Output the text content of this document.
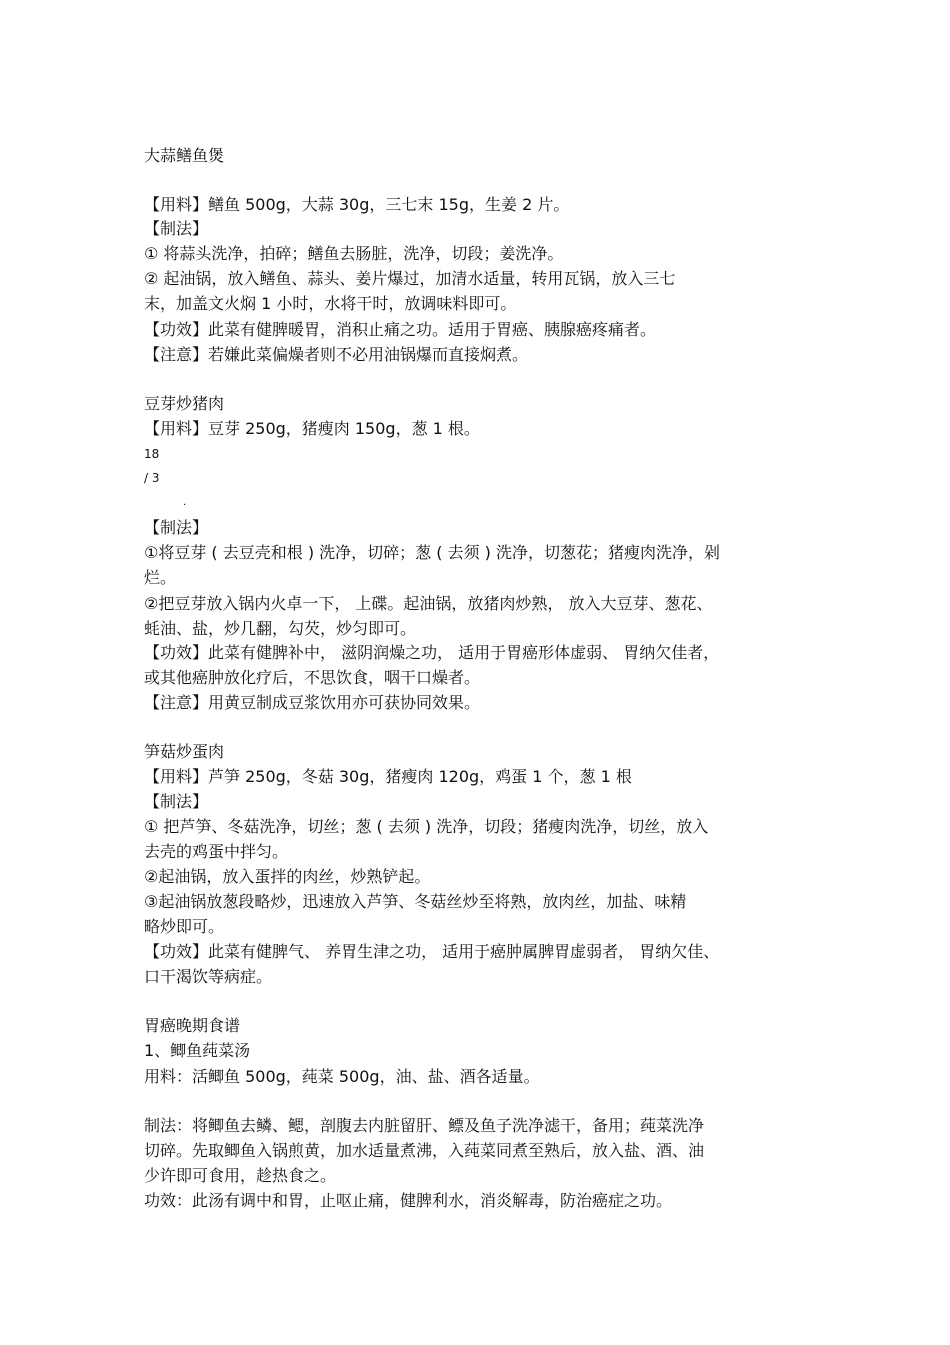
大蒜鳝鱼煲
【用料】鳝鱼 500g，大蒜 30g，三七末 15g，生姜 2 片。
【制法】
① 将蒜头洗净，拍碎；鳝鱼去肠脏，洗净，切段；姜洗净。
② 起油锅，放入鳝鱼、蒜头、姜片爆过，加清水适量，转用瓦锅，放入三七
末，加盖文火焖 1 小时，水将干时，放调味料即可。
【功效】此菜有健脾暖胃，消积止痛之功。适用于胃癌、胰腺癌疼痛者。
【注意】若嫌此菜偏燥者则不必用油锅爆而直接焖煮。
豆芽炒猪肉
【用料】豆芽 250g，猪瘦肉 150g，葱 1 根。
18
/ 3
.
【制法】
①将豆芽 ( 去豆壳和根 ) 洗净，切碎；葱 ( 去须 ) 洗净，切葱花；猪瘦肉洗净，剁
烂。
②把豆芽放入锅内火卓一下， 上碟。起油锅，放猪肉炒熟， 放入大豆芽、葱花、
蚝油、盐，炒几翻，勾芡，炒匀即可。
【功效】此菜有健脾补中， 滋阴润燥之功， 适用于胃癌形体虚弱、 胃纳欠佳者，
或其他癌肿放化疗后，不思饮食，咽干口燥者。
【注意】用黄豆制成豆浆饮用亦可获协同效果。
笋菇炒蛋肉
【用料】芦笋 250g，冬菇 30g，猪瘦肉 120g，鸡蛋 1 个，葱 1 根
【制法】
① 把芦笋、冬菇洗净，切丝；葱 ( 去须 ) 洗净，切段；猪瘦肉洗净，切丝，放入
去壳的鸡蛋中拌匀。
②起油锅，放入蛋拌的肉丝，炒熟铲起。
③起油锅放葱段略炒，迅速放入芦笋、冬菇丝炒至将熟，放肉丝，加盐、味精
略炒即可。
【功效】此菜有健脾气、 养胃生津之功， 适用于癌肿属脾胃虚弱者， 胃纳欠佳、
口干渴饮等病症。
胃癌晚期食谱
1、鲫鱼莼菜汤
用料：活鲫鱼 500g，莼菜 500g，油、盐、酒各适量。
制法：将鲫鱼去鳞、鳃，剖腹去内脏留肝、鳔及鱼子洗净滤干，备用；莼菜洗净
切碎。先取鲫鱼入锅煎黄，加水适量煮沸，入莼菜同煮至熟后，放入盐、酒、油
少许即可食用，趁热食之。
功效：此汤有调中和胃，止呕止痛，健脾利水，消炎解毒，防治癌症之功。
